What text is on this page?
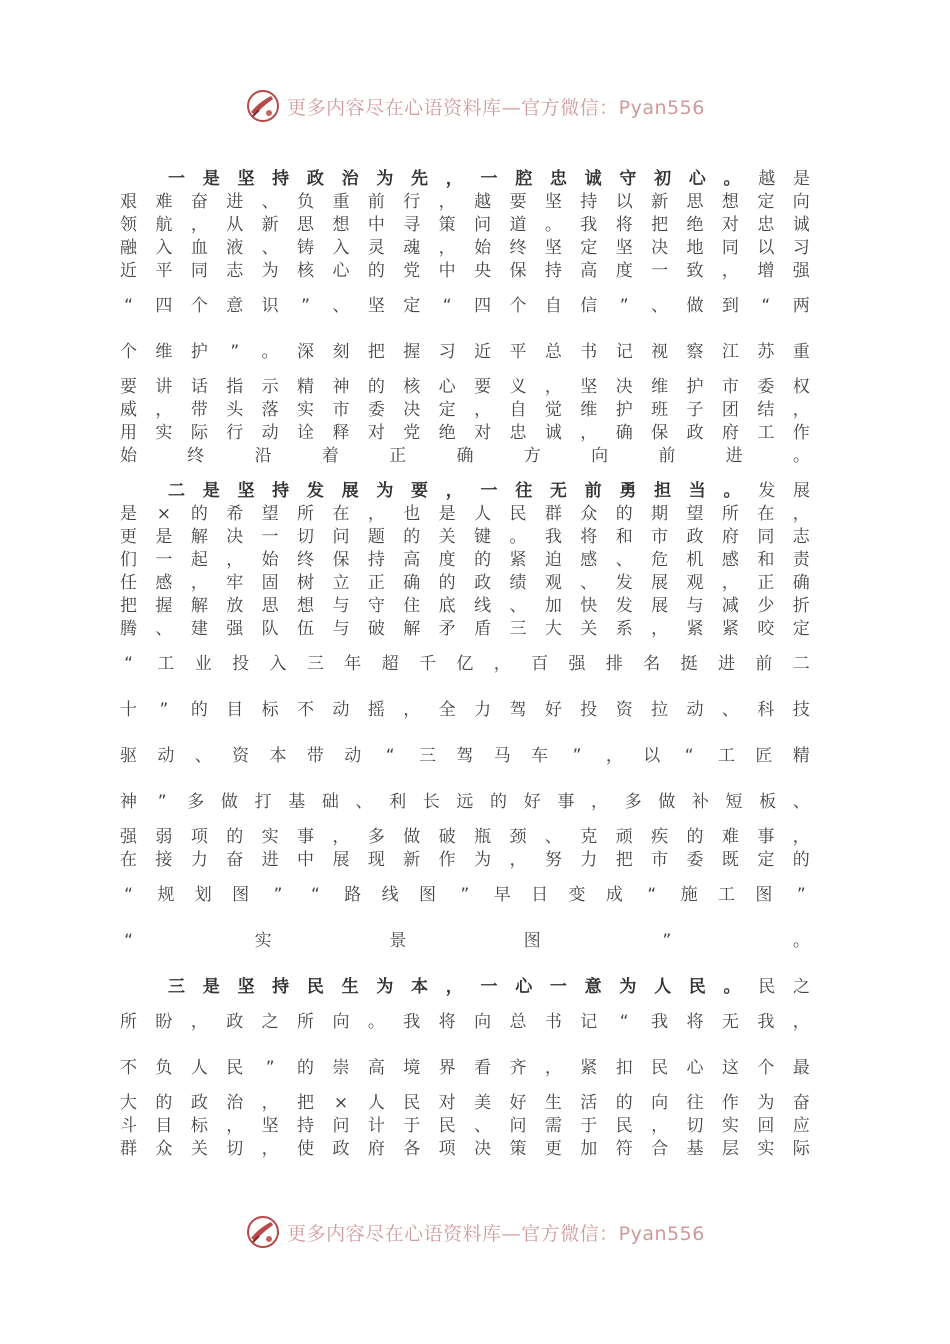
更多内容尽在心语资料库—官方微信：Pyan556
一 是 坚 持 政 治 为 先 ， 一 腔 忠 诚 守 初 心 。 越 是
艰 难 奋 进 、 负 重 前 行 ， 越 要 坚 持 以 新 思 想 定 向
领 航 ， 从 新 思 想 中 寻 策 问 道 。 我 将 把 绝 对 忠 诚
融 入 血 液 、 铸 入 灵 魂 ， 始 终 坚 定 坚 决 地 同 以 习
近 平 同 志 为 核 心 的 党 中 央 保 持 高 度 一 致 ， 增 强
“ 四 个 意 识 ” 、 坚 定 “ 四 个 自 信 ” 、 做 到 “ 两
个 维 护 ” 。 深 刻 把 握 习 近 平 总 书 记 视 察 江 苏 重
要 讲 话 指 示 精 神 的 核 心 要 义 ， 坚 决 维 护 市 委 权
威 ， 带 头 落 实 市 委 决 定 ， 自 觉 维 护 班 子 团 结 ，
用 实 际 行 动 诠 释 对 党 绝 对 忠 诚 ， 确 保 政 府 工 作
始	终	沿	着	正	确	方	向	前	进	。
二 是 坚 持 发 展 为 要 ， 一 往 无 前 勇 担 当 。 发 展
是 × 的 希 望 所 在 ， 也 是 人 民 群 众 的 期 望 所 在 ，
更 是 解 决 一 切 问 题 的 关 键 。 我 将 和 市 政 府 同 志
们 一 起 ， 始 终 保 持 高 度 的 紧 迫 感 、 危 机 感 和 责
任 感 ， 牢 固 树 立 正 确 的 政 绩 观 、 发 展 观 ， 正 确
把 握 解 放 思 想 与 守 住 底 线 、 加 快 发 展 与 减 少 折
腾 、 建 强 队 伍 与 破 解 矛 盾 三 大 关 系 ， 紧 紧 咬 定
“ 工 业 投 入 三 年 超 千 亿 ， 百 强 排 名 挺 进 前 二
十 ” 的 目 标 不 动 摇 ， 全 力 驾 好 投 资 拉 动 、 科 技
驱 动 、 资 本 带 动 “ 三 驾 马 车 ” ， 以 “ 工 匠 精
神 ” 多 做 打 基 础 、 利 长 远 的 好 事 ， 多 做 补 短 板 、
强 弱 项 的 实 事 ， 多 做 破 瓶 颈 、 克 顽 疾 的 难 事 ，
在 接 力 奋 进 中 展 现 新 作 为 ， 努 力 把 市 委 既 定 的
“ 规 划 图 ” “ 路 线 图 ” 早 日 变 成 “ 施 工 图 ”
“	实	景	图	”	。
三 是 坚 持 民 生 为 本 ， 一 心 一 意 为 人 民 。 民 之
所 盼 ， 政 之 所 向 。 我 将 向 总 书 记 “ 我 将 无 我 ，
不 负 人 民 ” 的 崇 高 境 界 看 齐 ， 紧 扣 民 心 这 个 最
大 的 政 治 ， 把 × 人 民 对 美 好 生 活 的 向 往 作 为 奋
斗 目 标 ， 坚 持 问 计 于 民 、 问 需 于 民 ， 切 实 回 应
群 众 关 切 ， 使 政 府 各 项 决 策 更 加 符 合 基 层 实 际
更多内容尽在心语资料库—官方微信：Pyan556
